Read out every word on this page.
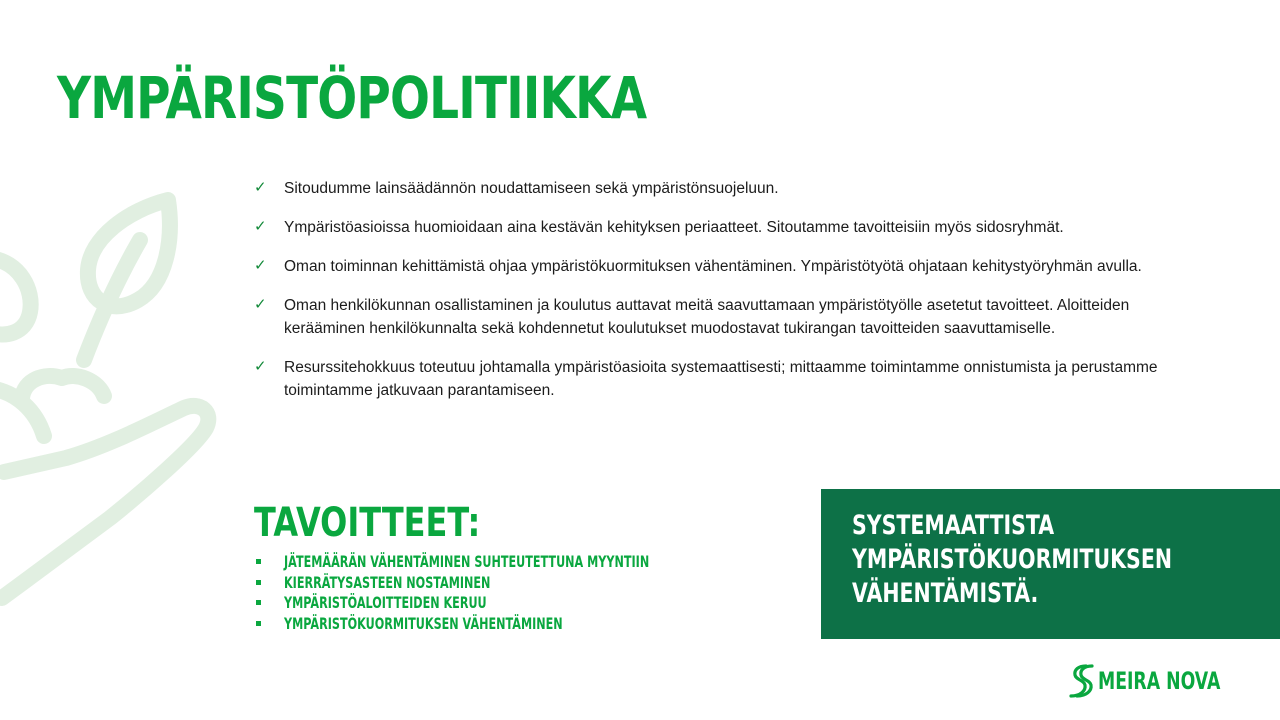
YMPÄRISTÖPOLITIIKKA
✓	Sitoudumme lainsäädännön noudattamiseen sekä ympäristönsuojeluun.
✓	Ympäristöasioissa huomioidaan aina kestävän kehityksen periaatteet. Sitoutamme tavoitteisiin myös sidosryhmät.
✓	Oman toiminnan kehittämistä ohjaa ympäristökuormituksen vähentäminen. Ympäristötyötä ohjataan kehitystyöryhmän avulla.
✓	Oman henkilökunnan osallistaminen ja koulutus auttavat meitä saavuttamaan ympäristötyölle asetetut tavoitteet. Aloitteiden kerääminen henkilökunnalta sekä kohdennetut koulutukset muodostavat tukirangan tavoitteiden saavuttamiselle.
✓	Resurssitehokkuus toteutuu johtamalla ympäristöasioita systemaattisesti; mittaamme toimintamme onnistumista ja perustamme toimintamme jatkuvaan parantamiseen.
TAVOITTEET:
JÄTEMÄÄRÄN VÄHENTÄMINEN SUHTEUTETTUNA MYYNTIIN
KIERRÄTYSASTEEN NOSTAMINEN
YMPÄRISTÖALOITTEIDEN KERUU
YMPÄRISTÖKUORMITUKSEN VÄHENTÄMINEN

SYSTEMAATTISTA YMPÄRISTÖKUORMITUKSEN VÄHENTÄMISTÄ.

MEIRA NOVA
